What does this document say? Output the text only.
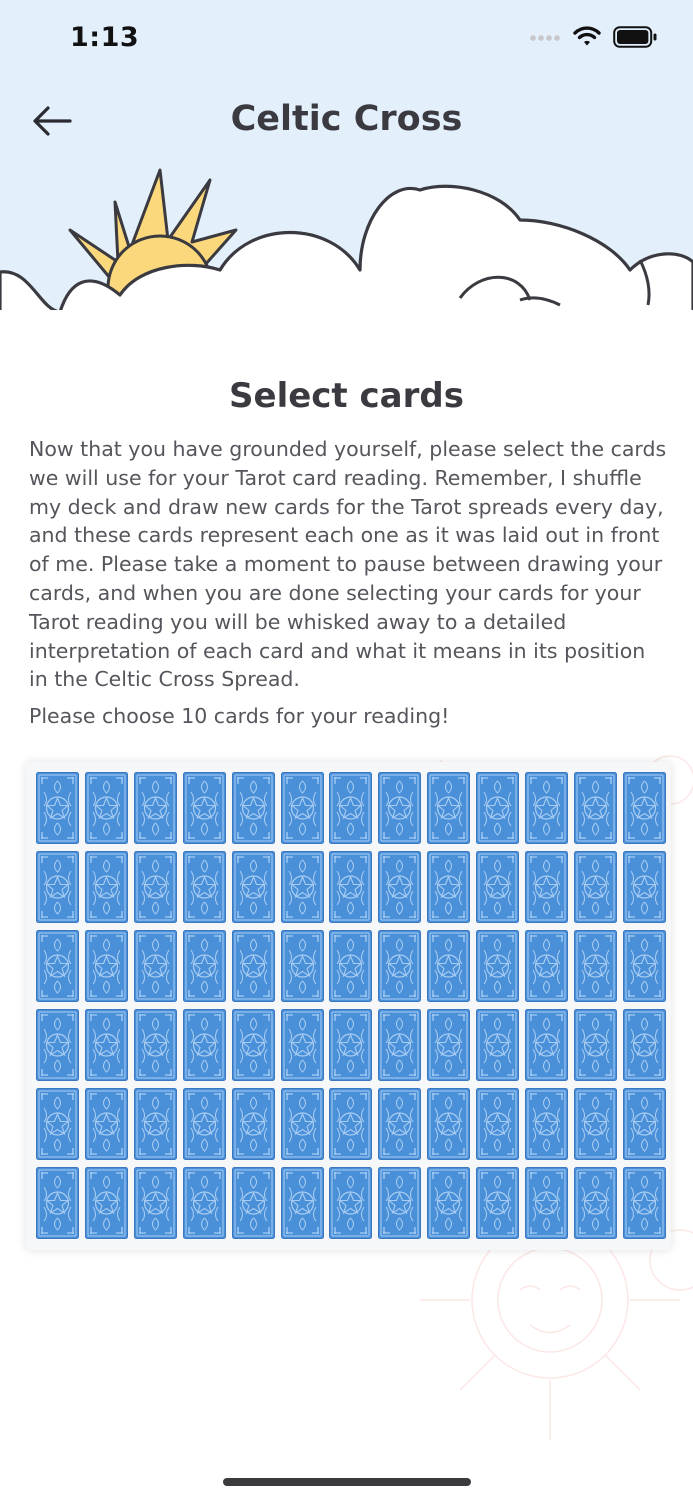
1:13
Celtic Cross
Select cards

Now that you have grounded yourself, please select the cards we will use for your Tarot card reading. Remember, I shuffle my deck and draw new cards for the Tarot spreads every day, and these cards represent each one as it was laid out in front of me. Please take a moment to pause between drawing your cards, and when you are done selecting your cards for your Tarot reading you will be whisked away to a detailed interpretation of each card and what it means in its position in the Celtic Cross Spread.

Please choose 10 cards for your reading!
